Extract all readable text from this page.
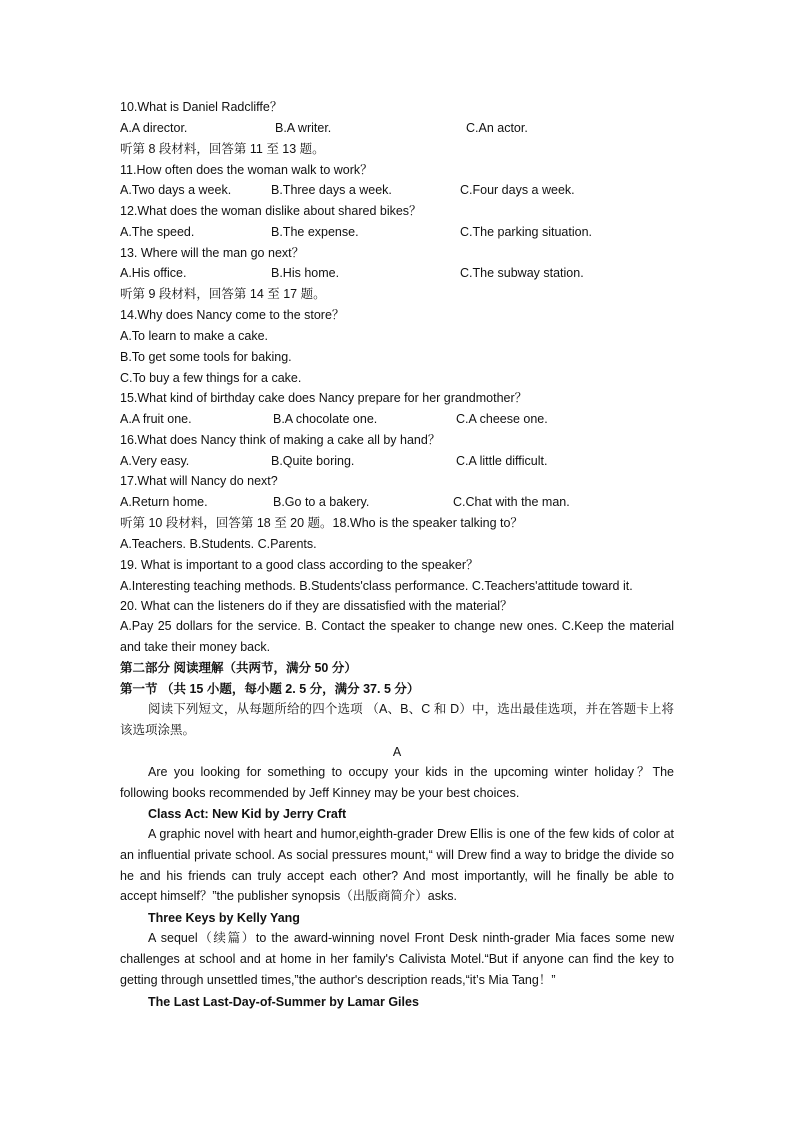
10.What is Daniel Radcliffe？
A.A director.	B.A writer.	C.An actor.
听第 8 段材料，回答第 11 至 13 题。
11.How often does the woman walk to work？
A.Two days a week.	B.Three days a week.	C.Four days a week.
12.What does the woman dislike about shared bikes？
A.The speed.	B.The expense.	C.The parking situation.
13. Where will the man go next？
A.His office.	B.His home.	C.The subway station.
听第 9 段材料，回答第 14 至 17 题。
14.Why does Nancy come to the store？
A.To learn to make a cake.
B.To get some tools for baking.
C.To buy a few things for a cake.
15.What kind of birthday cake does Nancy prepare for her grandmother？
A.A fruit one.	B.A chocolate one.	C.A cheese one.
16.What does Nancy think of making a cake all by hand？
A.Very easy.	B.Quite boring.	C.A little difficult.
17.What will Nancy do next?
A.Return home.	B.Go to a bakery.	C.Chat with the man.
听第 10 段材料，回答第 18 至 20 题。18.Who is the speaker talking to？
A.Teachers. B.Students. C.Parents.
19. What is important to a good class according to the speaker？
A.Interesting teaching methods. B.Students'class performance. C.Teachers'attitude toward it.
20. What can the listeners do if they are dissatisfied with the material？
A.Pay 25 dollars for the service. B. Contact the speaker to change new ones. C.Keep the material and take their money back.
第二部分 阅读理解（共两节，满分 50 分）
第一节 （共 15 小题，每小题 2. 5 分，满分 37. 5 分）
阅读下列短文，从每题所给的四个选项 （A、B、C 和 D）中，选出最佳选项，并在答题卡上将该选项涂黑。
A
Are you looking for something to occupy your kids in the upcoming winter holiday？The following books recommended by Jeff Kinney may be your best choices.
Class Act: New Kid by Jerry Craft
A graphic novel with heart and humor,eighth-grader Drew Ellis is one of the few kids of color at an influential private school. As social pressures mount,“ will Drew find a way to bridge the divide so he and his friends can truly accept each other? And most importantly, will he finally be able to accept himself？”the publisher synopsis（出版商简介）asks.
Three Keys by Kelly Yang
A sequel（续篇）to the award-winning novel Front Desk ninth-grader Mia faces some new challenges at school and at home in her family's Calivista Motel.“But if anyone can find the key to getting through unsettled times,”the author's description reads,“it’s Mia Tang！”
The Last Last-Day-of-Summer by Lamar Giles
